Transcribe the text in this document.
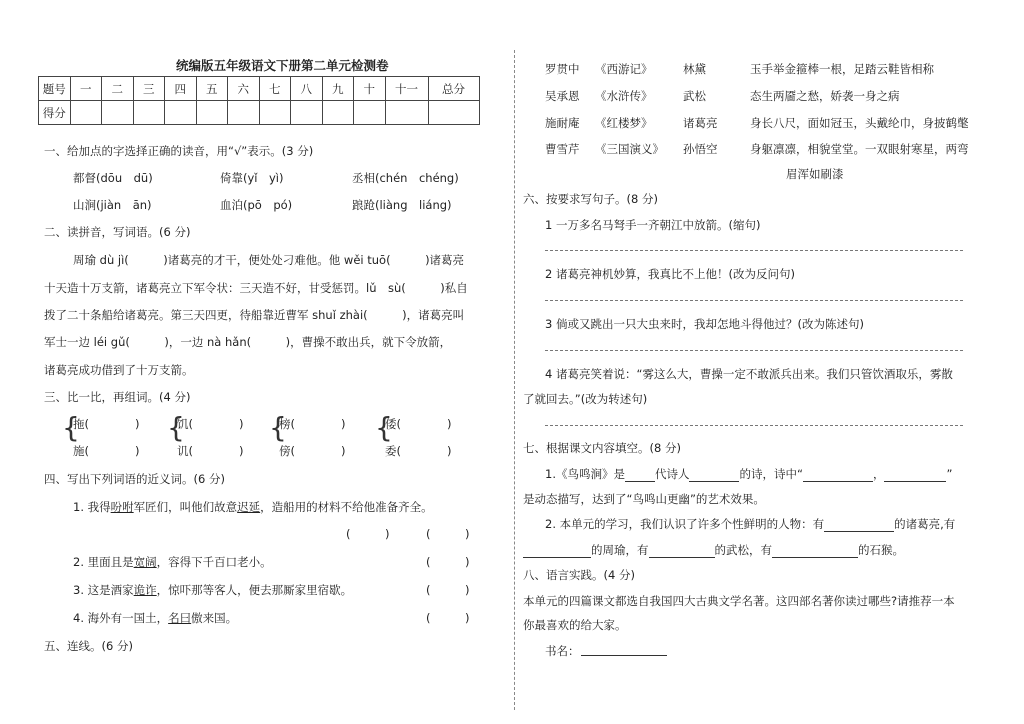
统编版五年级语文下册第二单元检测卷
题号	一	二	三	四	五	六	七	八	九	十	十一	总分
得分												
一、给加点的字选择正确的读音，用“√”表示。(3 分)
都督(dōu　dū)	倚靠(yǐ　yì)	丞相(chén　chéng)
山涧(jiàn　ān)	血泊(pō　pó)	踉跄(liàng　liáng)
二、读拼音，写词语。(6 分)
周瑜 dù jì(　　　)诸葛亮的才干，便处处刁难他。他 wěi tuō(　　　)诸葛亮
十天造十万支箭，诸葛亮立下军令状：三天造不好，甘受惩罚。lǔ　sù(　　　)私自
拨了二十条船给诸葛亮。第三天四更，待船靠近曹军 shuǐ zhài(　　　)，诸葛亮叫
军士一边 léi gǔ(　　　)，一边 nà hǎn(　　　)，曹操不敢出兵，就下令放箭，
诸葛亮成功借到了十万支箭。
三、比一比，再组词。(4 分)
{
拖(　　　　)
施(　　　　)
{
饥(　　　　)
讥(　　　　)
{
榜(　　　　)
傍(　　　　)
{
倭(　　　　)
委(　　　　)
四、写出下列词语的近义词。(6 分)
1. 我得吩咐军匠们，叫他们故意迟延，造船用的材料不给他准备齐全。
(　　　)	(　　　)
2. 里面且是宽阔，容得下千百口老小。	(　　　)
3. 这是酒家诡诈，惊吓那等客人，便去那厮家里宿歇。	(　　　)
4. 海外有一国土，名曰傲来国。	(　　　)
五、连线。(6 分)
罗贯中 《西游记》	林黛	玉手举金箍棒一根，足踏云鞋皆相称
吴承恩 《水浒传》	武松	态生两靥之愁，娇袭一身之病
施耐庵 《红楼梦》	诸葛亮	身长八尺，面如冠玉，头戴纶巾，身披鹤氅
曹雪芹 《三国演义》 孙悟空	身躯凛凛，相貌堂堂。一双眼射寒星，两弯
眉浑如刷漆
六、按要求写句子。(8 分)
1 一万多名马弩手一齐朝江中放箭。(缩句)
2 诸葛亮神机妙算，我真比不上他！(改为反问句)
3 倘或又跳出一只大虫来时，我却怎地斗得他过？(改为陈述句)
4 诸葛亮笑着说：“雾这么大，曹操一定不敢派兵出来。我们只管饮酒取乐，雾散
了就回去。”(改为转述句)
七、根据课文内容填空。(8 分)
1.《鸟鸣涧》是	代诗人	的诗，诗中“	，	”
是动态描写，达到了“鸟鸣山更幽”的艺术效果。
2. 本单元的学习，我们认识了许多个性鲜明的人物：有	的诸葛亮,有
的周瑜，有	的武松，有	的石猴。
八、语言实践。(4 分)
本单元的四篇课文都选自我国四大古典文学名著。这四部名著你读过哪些?请推荐一本
你最喜欢的给大家。
书名：
